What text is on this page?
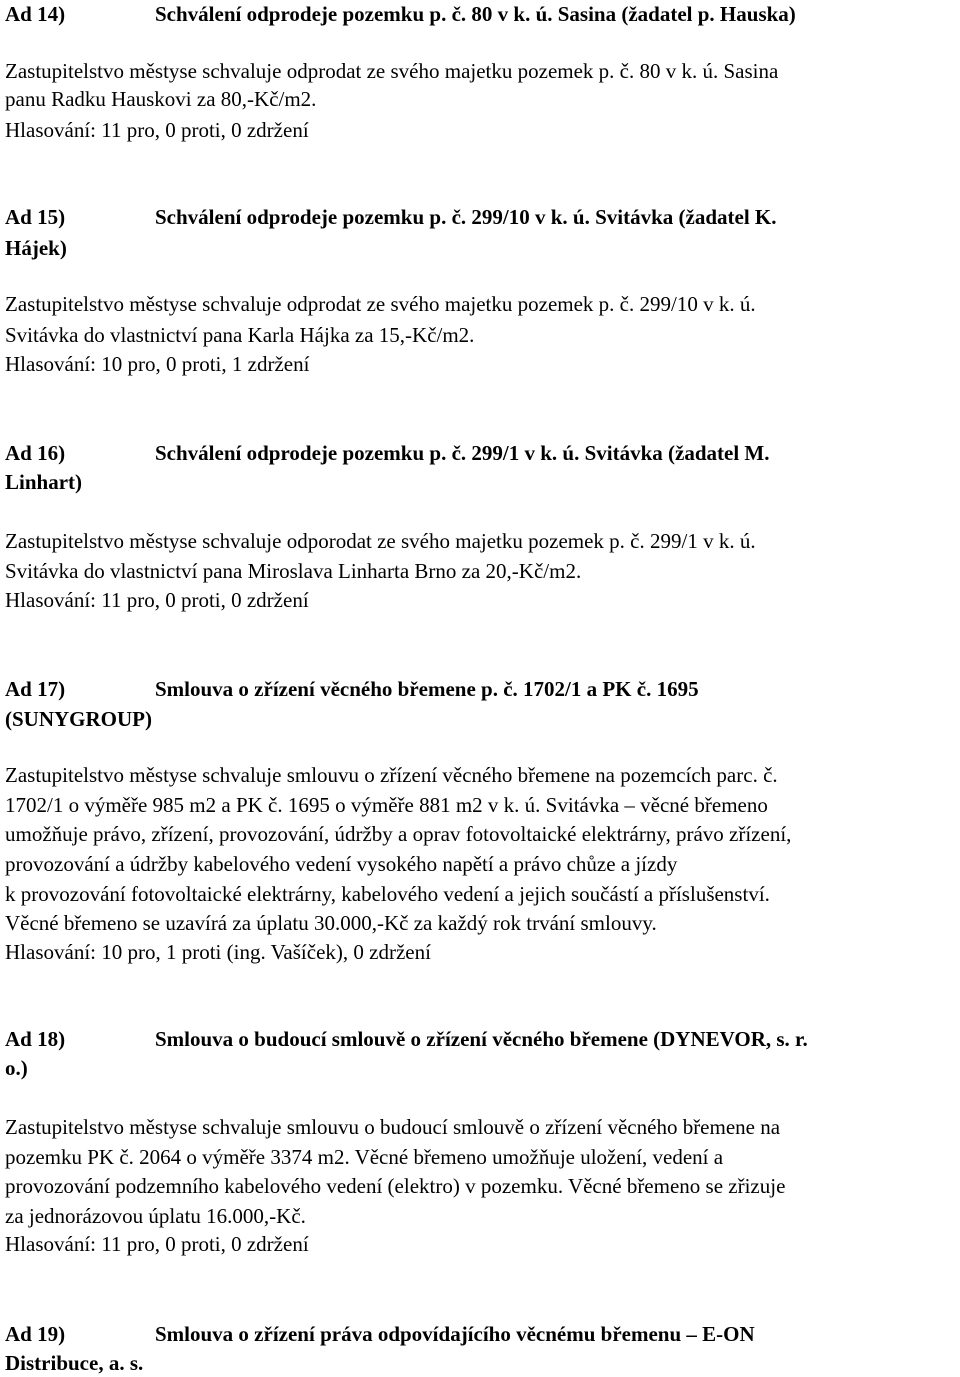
Ad 14)	Schválení odprodeje pozemku p. č. 80 v k. ú. Sasina (žadatel p. Hauska)

Zastupitelstvo městyse schvaluje odprodat ze svého majetku pozemek p. č. 80 v k. ú. Sasina

panu Radku Hauskovi za 80,-Kč/m2.

Hlasování: 11 pro, 0 proti, 0 zdržení

Ad 15)	Schválení odprodeje pozemku p. č. 299/10 v k. ú. Svitávka (žadatel K.

Hájek)

Zastupitelstvo městyse schvaluje odprodat ze svého majetku pozemek p. č. 299/10 v k. ú.

Svitávka do vlastnictví pana Karla Hájka za 15,-Kč/m2.

Hlasování: 10 pro, 0 proti, 1 zdržení

Ad 16)	Schválení odprodeje pozemku p. č. 299/1 v k. ú. Svitávka (žadatel M.

Linhart)

Zastupitelstvo městyse schvaluje odporodat ze svého majetku pozemek p. č. 299/1 v k. ú.

Svitávka do vlastnictví pana Miroslava Linharta Brno za 20,-Kč/m2.

Hlasování: 11 pro, 0 proti, 0 zdržení

Ad 17)	Smlouva o zřízení věcného břemene p. č. 1702/1 a PK č. 1695

(SUNYGROUP)

Zastupitelstvo městyse schvaluje smlouvu o zřízení věcného břemene na pozemcích parc. č.

1702/1 o výměře 985 m2 a PK č. 1695 o výměře 881 m2 v k. ú. Svitávka – věcné břemeno

umožňuje právo, zřízení, provozování, údržby a oprav fotovoltaické elektrárny, právo zřízení,

provozování a údržby kabelového vedení vysokého napětí a právo chůze a jízdy

k provozování fotovoltaické elektrárny, kabelového vedení a jejich součástí a příslušenství.

Věcné břemeno se uzavírá za úplatu 30.000,-Kč za každý rok trvání smlouvy.

Hlasování: 10 pro, 1 proti (ing. Vašíček), 0 zdržení

Ad 18)	Smlouva o budoucí smlouvě o zřízení věcného břemene (DYNEVOR, s. r.

o.)

Zastupitelstvo městyse schvaluje smlouvu o budoucí smlouvě o zřízení věcného břemene na

pozemku PK č. 2064 o výměře 3374 m2. Věcné břemeno umožňuje uložení, vedení a

provozování podzemního kabelového vedení (elektro) v pozemku. Věcné břemeno se zřizuje

za jednorázovou úplatu 16.000,-Kč.

Hlasování: 11 pro, 0 proti, 0 zdržení

Ad 19)	Smlouva o zřízení práva odpovídajícího věcnému břemenu – E-ON

Distribuce, a. s.
